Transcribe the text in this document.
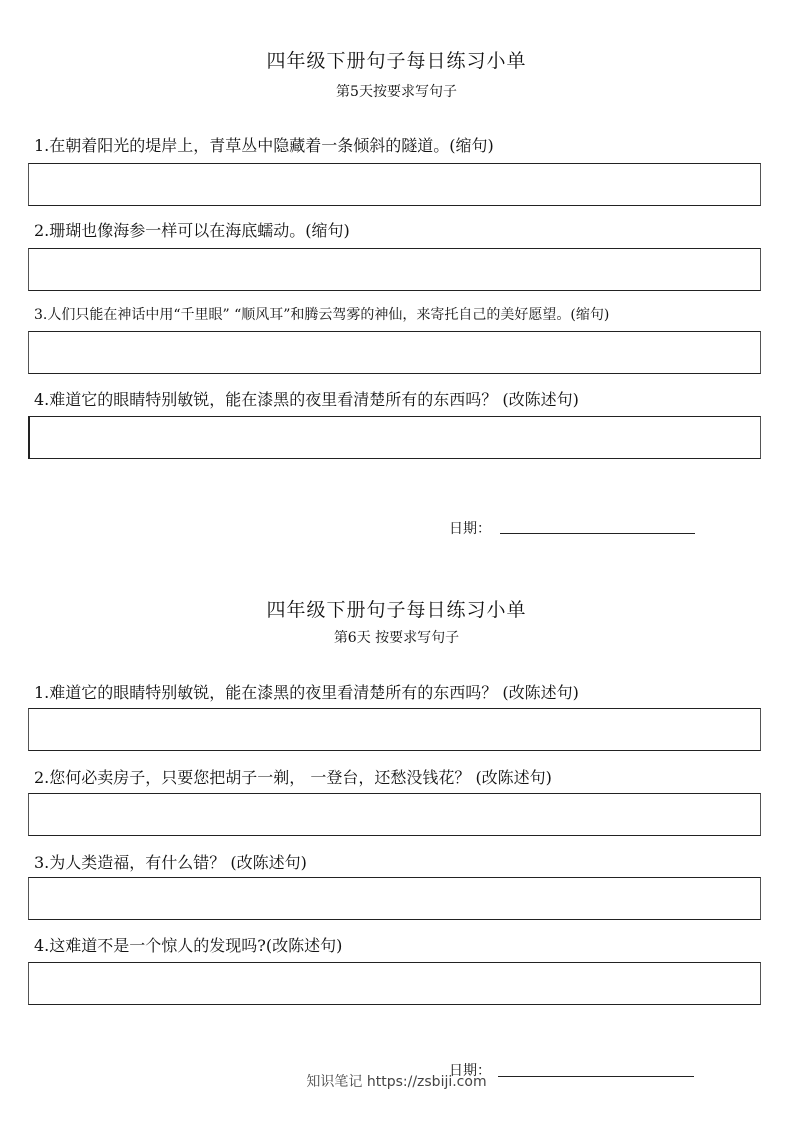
四年级下册句子每日练习小单
第5天按要求写句子
1.在朝着阳光的堤岸上，青草丛中隐藏着一条倾斜的隧道。(缩句)
2.珊瑚也像海参一样可以在海底蠕动。(缩句)
3.人们只能在神话中用“千里眼” “顺风耳”和腾云驾雾的神仙，来寄托自己的美好愿望。(缩句)
4.难道它的眼睛特别敏锐，能在漆黑的夜里看清楚所有的东西吗？ (改陈述句)
日期：
四年级下册句子每日练习小单
第6天 按要求写句子
1.难道它的眼睛特别敏锐，能在漆黑的夜里看清楚所有的东西吗？ (改陈述句)
2.您何必卖房子，只要您把胡子一剃， 一登台，还愁没钱花？ (改陈述句)
3.为人类造福，有什么错？ (改陈述句)
4.这难道不是一个惊人的发现吗?(改陈述句)
日期：
知识笔记 https://zsbiji.com
